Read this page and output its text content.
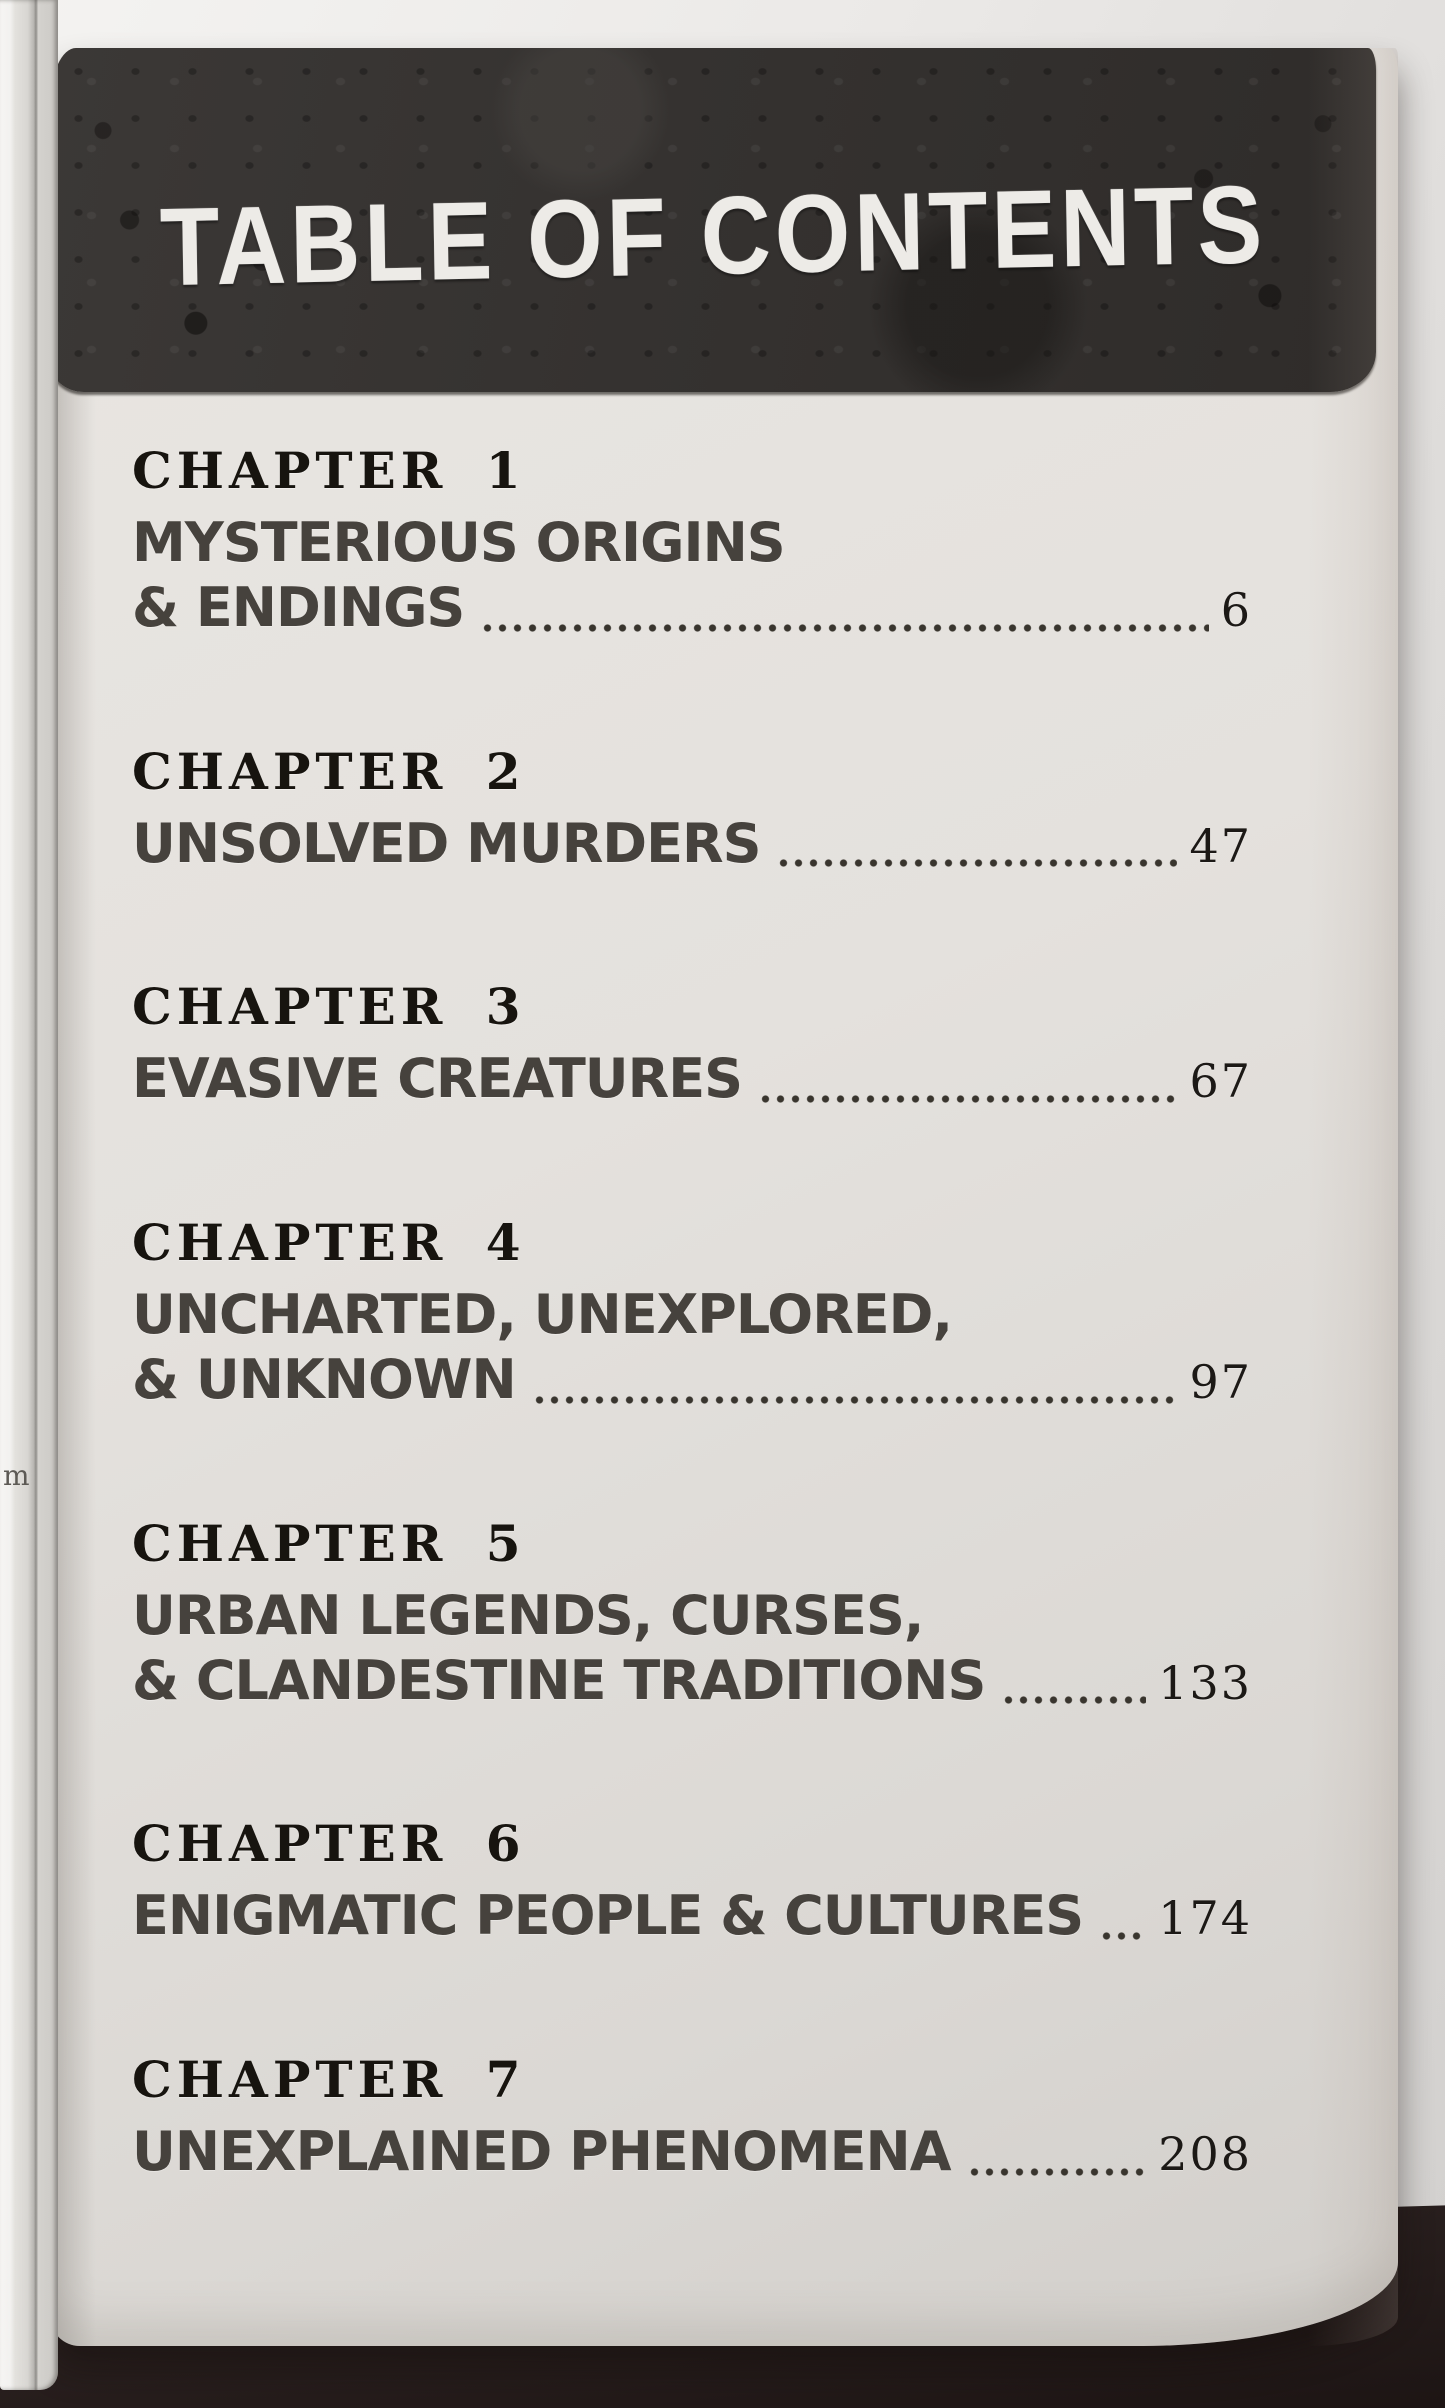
TABLE OF CONTENTS
CHAPTER 1
MYSTERIOUS ORIGINS
& ENDINGS	6
CHAPTER 2
UNSOLVED MURDERS	47
CHAPTER 3
EVASIVE CREATURES	67
CHAPTER 4
UNCHARTED, UNEXPLORED,
& UNKNOWN	97
CHAPTER 5
URBAN LEGENDS, CURSES,
& CLANDESTINE TRADITIONS	133
CHAPTER 6
ENIGMATIC PEOPLE & CULTURES 174
CHAPTER 7
UNEXPLAINED PHENOMENA	208
m
